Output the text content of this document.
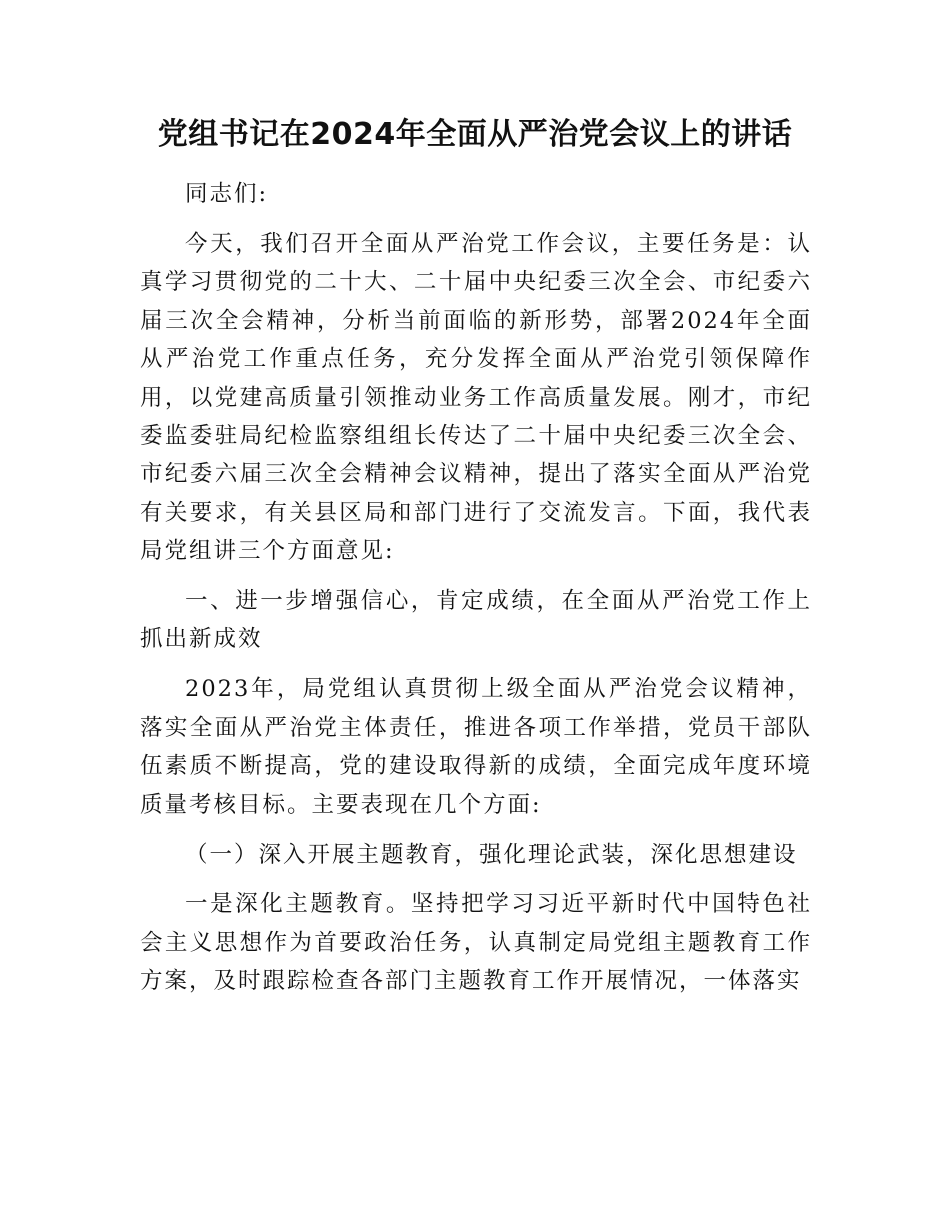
党组书记在2024年全面从严治党会议上的讲话

同志们:

今天，我们召开全面从严治党工作会议，主要任务是：认真学习贯彻党的二十大、二十届中央纪委三次全会、市纪委六届三次全会精神，分析当前面临的新形势，部署2024年全面从严治党工作重点任务，充分发挥全面从严治党引领保障作用，以党建高质量引领推动业务工作高质量发展。刚才，市纪委监委驻局纪检监察组组长传达了二十届中央纪委三次全会、市纪委六届三次全会精神会议精神，提出了落实全面从严治党有关要求，有关县区局和部门进行了交流发言。下面，我代表局党组讲三个方面意见:

一、进一步增强信心，肯定成绩，在全面从严治党工作上抓出新成效

2023年，局党组认真贯彻上级全面从严治党会议精神，落实全面从严治党主体责任，推进各项工作举措，党员干部队伍素质不断提高，党的建设取得新的成绩，全面完成年度环境质量考核目标。主要表现在几个方面:

（一）深入开展主题教育，强化理论武装，深化思想建设

一是深化主题教育。坚持把学习习近平新时代中国特色社会主义思想作为首要政治任务，认真制定局党组主题教育工作方案，及时跟踪检查各部门主题教育工作开展情况，一体落实
